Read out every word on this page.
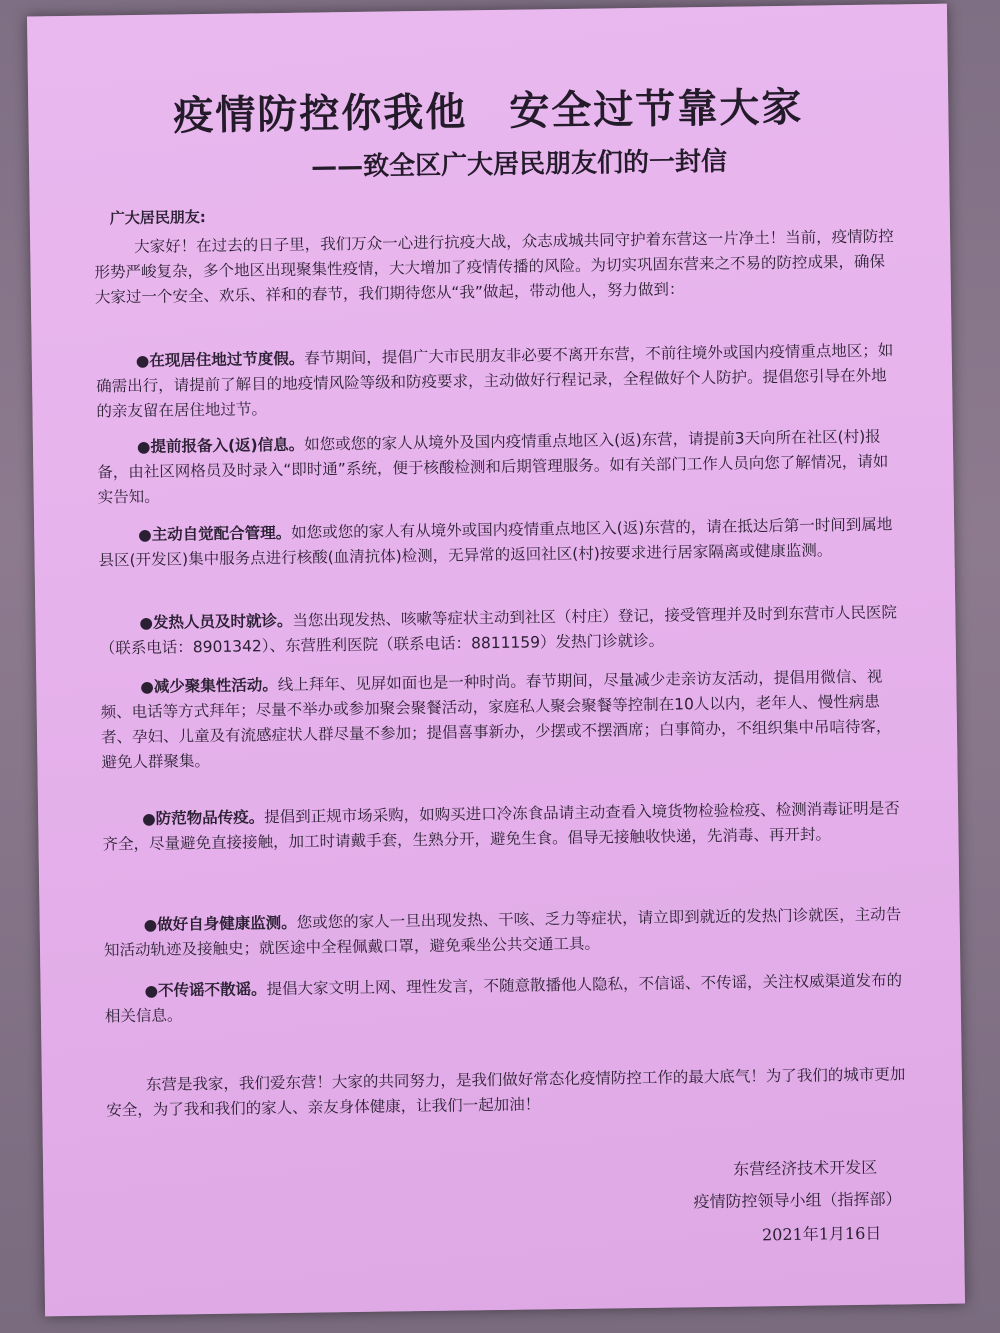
疫情防控你我他　安全过节靠大家
——致全区广大居民朋友们的一封信
广大居民朋友:

大家好！在过去的日子里，我们万众一心进行抗疫大战，众志成城共同守护着东营这一片净土！当前，疫情防控形势严峻复杂，多个地区出现聚集性疫情，大大增加了疫情传播的风险。为切实巩固东营来之不易的防控成果，确保大家过一个安全、欢乐、祥和的春节，我们期待您从“我”做起，带动他人，努力做到：

●在现居住地过节度假。春节期间，提倡广大市民朋友非必要不离开东营，不前往境外或国内疫情重点地区；如确需出行，请提前了解目的地疫情风险等级和防疫要求，主动做好行程记录，全程做好个人防护。提倡您引导在外地的亲友留在居住地过节。

●提前报备入(返)信息。如您或您的家人从境外及国内疫情重点地区入(返)东营，请提前3天向所在社区(村)报备，由社区网格员及时录入“即时通”系统，便于核酸检测和后期管理服务。如有关部门工作人员向您了解情况，请如实告知。

●主动自觉配合管理。如您或您的家人有从境外或国内疫情重点地区入(返)东营的，请在抵达后第一时间到属地县区(开发区)集中服务点进行核酸(血清抗体)检测，无异常的返回社区(村)按要求进行居家隔离或健康监测。

●发热人员及时就诊。当您出现发热、咳嗽等症状主动到社区（村庄）登记，接受管理并及时到东营市人民医院（联系电话：8901342）、东营胜利医院（联系电话：8811159）发热门诊就诊。

●减少聚集性活动。线上拜年、见屏如面也是一种时尚。春节期间，尽量减少走亲访友活动，提倡用微信、视频、电话等方式拜年；尽量不举办或参加聚会聚餐活动，家庭私人聚会聚餐等控制在10人以内，老年人、慢性病患者、孕妇、儿童及有流感症状人群尽量不参加；提倡喜事新办，少摆或不摆酒席；白事简办，不组织集中吊唁待客，避免人群聚集。

●防范物品传疫。提倡到正规市场采购，如购买进口冷冻食品请主动查看入境货物检验检疫、检测消毒证明是否齐全，尽量避免直接接触，加工时请戴手套，生熟分开，避免生食。倡导无接触收快递，先消毒、再开封。

●做好自身健康监测。您或您的家人一旦出现发热、干咳、乏力等症状，请立即到就近的发热门诊就医，主动告知活动轨迹及接触史；就医途中全程佩戴口罩，避免乘坐公共交通工具。

●不传谣不散谣。提倡大家文明上网、理性发言，不随意散播他人隐私，不信谣、不传谣，关注权威渠道发布的相关信息。

东营是我家，我们爱东营！大家的共同努力，是我们做好常态化疫情防控工作的最大底气！为了我们的城市更加安全，为了我和我们的家人、亲友身体健康，让我们一起加油！

东营经济技术开发区
疫情防控领导小组（指挥部）
2021年1月16日
